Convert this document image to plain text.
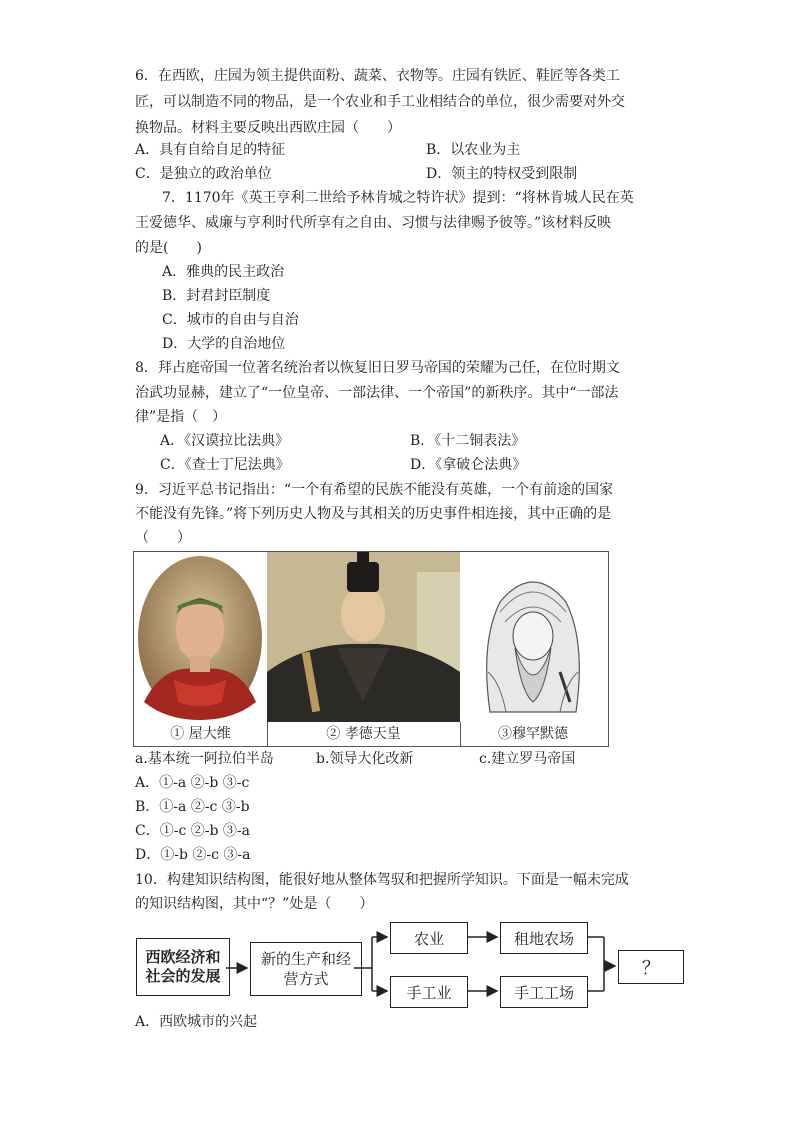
6．在西欧，庄园为领主提供面粉、蔬菜、衣物等。庄园有铁匠、鞋匠等各类工
匠，可以制造不同的物品，是一个农业和手工业相结合的单位，很少需要对外交
换物品。材料主要反映出西欧庄园（　　）
A．具有自给自足的特征	B．以农业为主
C．是独立的政治单位	D．领主的特权受到限制
7．1170年《英王亨利二世给予林肯城之特许状》提到：“将林肯城人民在英
王爱德华、威廉与亨利时代所享有之自由、习惯与法律赐予彼等。”该材料反映
的是(　　)
A．雅典的民主政治
B．封君封臣制度
C．城市的自由与自治
D．大学的自治地位
8．拜占庭帝国一位著名统治者以恢复旧日罗马帝国的荣耀为己任，在位时期文
治武功显赫，建立了“一位皇帝、一部法律、一个帝国”的新秩序。其中“一部法
律”是指（　）
A．《汉谟拉比法典》	B．《十二铜表法》
C．《查士丁尼法典》	D．《拿破仑法典》
9．习近平总书记指出：“一个有希望的民族不能没有英雄，一个有前途的国家
不能没有先锋。”将下列历史人物及与其相关的历史事件相连接，其中正确的是
（　　）
① 屋大维	② 孝德天皇	③穆罕默德
a.基本统一阿拉伯半岛	b.领导大化改新	c.建立罗马帝国
A．①-a ②-b ③-c
B．①-a ②-c ③-b
C．①-c ②-b ③-a
D．①-b ②-c ③-a
10．构建知识结构图，能很好地从整体驾驭和把握所学知识。下面是一幅未完成
的知识结构图，其中“？”处是（　　）
西欧经济和社会的发展
新的生产和经营方式
农业	租地农场
手工业	手工工场
？
A．西欧城市的兴起
